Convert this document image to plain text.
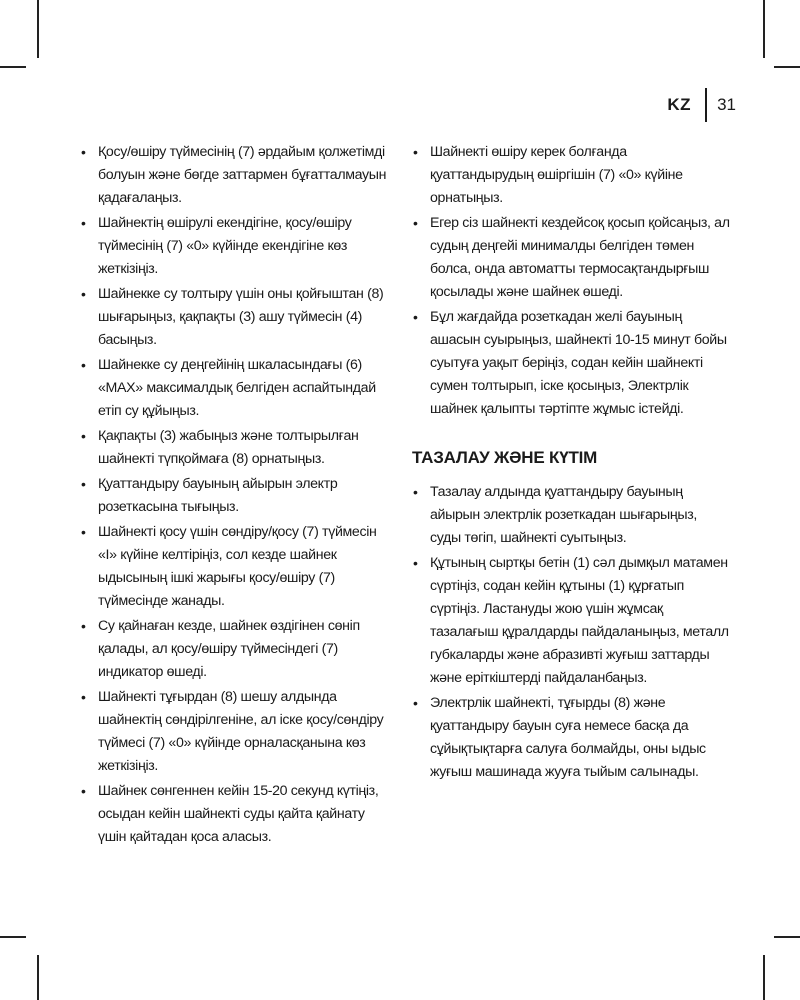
KZ 31
• Қосу/өшіру түймесінің (7) әрдайым қолжетімді болуын және бөгде заттармен бұғатталмауын қадағалаңыз.
• Шайнектің өшірулі екендігіне, қосу/өшіру түймесінің (7) «0» күйінде екендігіне көз жеткізіңіз.
• Шайнекке су толтыру үшін оны қойғыштан (8) шығарыңыз, қақпақты (3) ашу түймесін (4) басыңыз.
• Шайнекке су деңгейінің шкаласындағы (6) «MAX» максималдық белгіден аспайтындай етіп су құйыңыз.
• Қақпақты (3) жабыңыз және толтырылған шайнекті түпқоймаға (8) орнатыңыз.
• Қуаттандыру бауының айырын электр розеткасына тығыңыз.
• Шайнекті қосу үшін сөндіру/қосу (7) түймесін «I» күйіне келтіріңіз, сол кезде шайнек ыдысының ішкі жарығы қосу/өшіру (7) түймесінде жанады.
• Су қайнаған кезде, шайнек өздігінен сөніп қалады, ал қосу/өшіру түймесіндегі (7) индикатор өшеді.
• Шайнекті тұғырдан (8) шешу алдында шайнектің сөндірілгеніне, ал іске қосу/сөндіру түймесі (7) «0» күйінде орналасқанына көз жеткізіңіз.
• Шайнек сөнгеннен кейін 15-20 секунд күтіңіз, осыдан кейін шайнекті суды қайта қайнату үшін қайтадан қоса аласыз.
• Шайнекті өшіру керек болғанда қуаттандырудың өшіргішін (7) «0» күйіне орнатыңыз.
• Егер сіз шайнекті кездейсоқ қосып қойсаңыз, ал судың деңгейі минималды белгіден төмен болса, онда автоматты термосақтандырғыш қосылады және шайнек өшеді.
• Бұл жағдайда розеткадан желі бауының ашасын суырыңыз, шайнекті 10-15 минут бойы суытуға уақыт беріңіз, содан кейін шайнекті сумен толтырып, іске қосыңыз, Электрлік шайнек қалыпты тәртіпте жұмыс істейді.
ТАЗАЛАУ ЖӘНЕ КҮТІМ
• Тазалау алдында қуаттандыру бауының айырын электрлік розеткадан шығарыңыз, суды төгіп, шайнекті суытыңыз.
• Құтының сыртқы бетін (1) сәл дымқыл матамен сүртіңіз, содан кейін құтыны (1) құрғатып сүртіңіз. Ластануды жою үшін жұмсақ тазалағыш құралдарды пайдаланыңыз, металл губкаларды және абразивті жуғыш заттарды және еріткіштерді пайдаланбаңыз.
• Электрлік шайнекті, тұғырды (8) және қуаттандыру бауын суға немесе басқа да сұйықтықтарға салуға болмайды, оны ыдыс жуғыш машинада жууға тыйым салынады.
